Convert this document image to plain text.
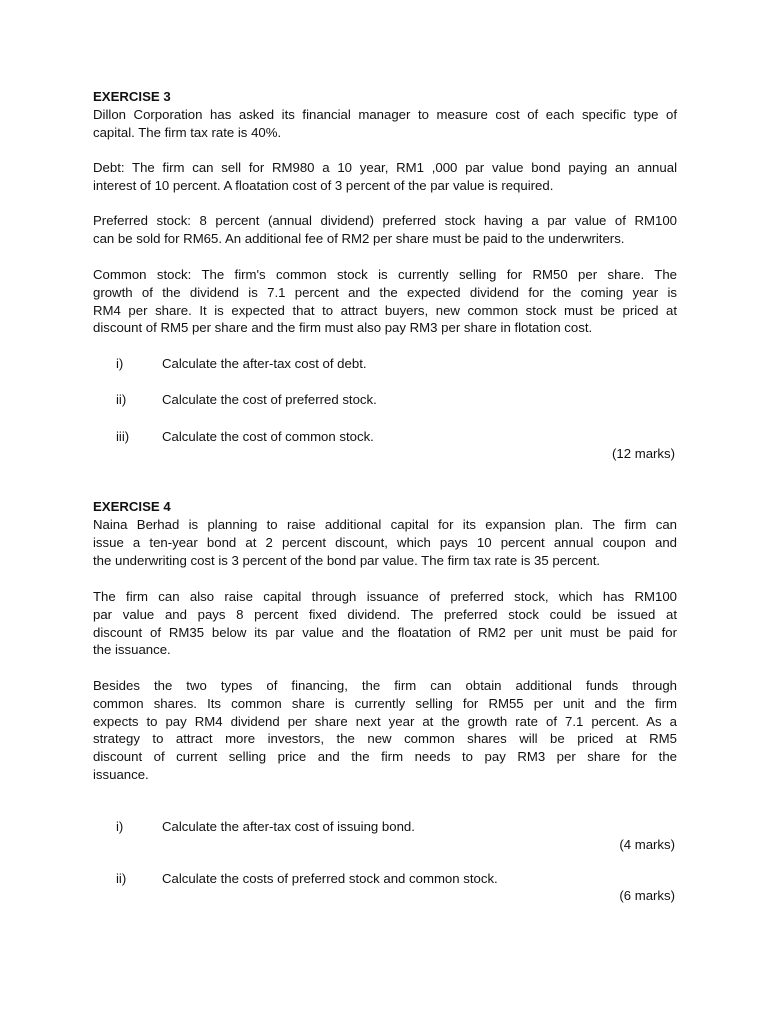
EXERCISE 3
Dillon Corporation has asked its financial manager to measure cost of each specific type of
capital. The firm tax rate is 40%.
Debt: The firm can sell for RM980 a 10 year, RM1 ,000 par value bond paying an annual
interest of 10 percent. A floatation cost of 3 percent of the par value is required.
Preferred stock: 8 percent (annual dividend) preferred stock having a par value of RM100
can be sold for RM65. An additional fee of RM2 per share must be paid to the underwriters.
Common stock: The firm's common stock is currently selling for RM50 per share. The
growth of the dividend is 7.1 percent and the expected dividend for the coming year is
RM4 per share. It is expected that to attract buyers, new common stock must be priced at
discount of RM5 per share and the firm must also pay RM3 per share in flotation cost.
i)	Calculate the after-tax cost of debt.
ii)	Calculate the cost of preferred stock.
iii) Calculate the cost of common stock.
(12 marks)
EXERCISE 4
Naina Berhad is planning to raise additional capital for its expansion plan. The firm can
issue a ten-year bond at 2 percent discount, which pays 10 percent annual coupon and
the underwriting cost is 3 percent of the bond par value. The firm tax rate is 35 percent.
The firm can also raise capital through issuance of preferred stock, which has RM100
par value and pays 8 percent fixed dividend. The preferred stock could be issued at
discount of RM35 below its par value and the floatation of RM2 per unit must be paid for
the issuance.
Besides the two types of financing, the firm can obtain additional funds through
common shares. Its common share is currently selling for RM55 per unit and the firm
expects to pay RM4 dividend per share next year at the growth rate of 7.1 percent. As a
strategy to attract more investors, the new common shares will be priced at RM5
discount of current selling price and the firm needs to pay RM3 per share for the
issuance.
i)	Calculate the after-tax cost of issuing bond.
(4 marks)
ii)	Calculate the costs of preferred stock and common stock.
(6 marks)
